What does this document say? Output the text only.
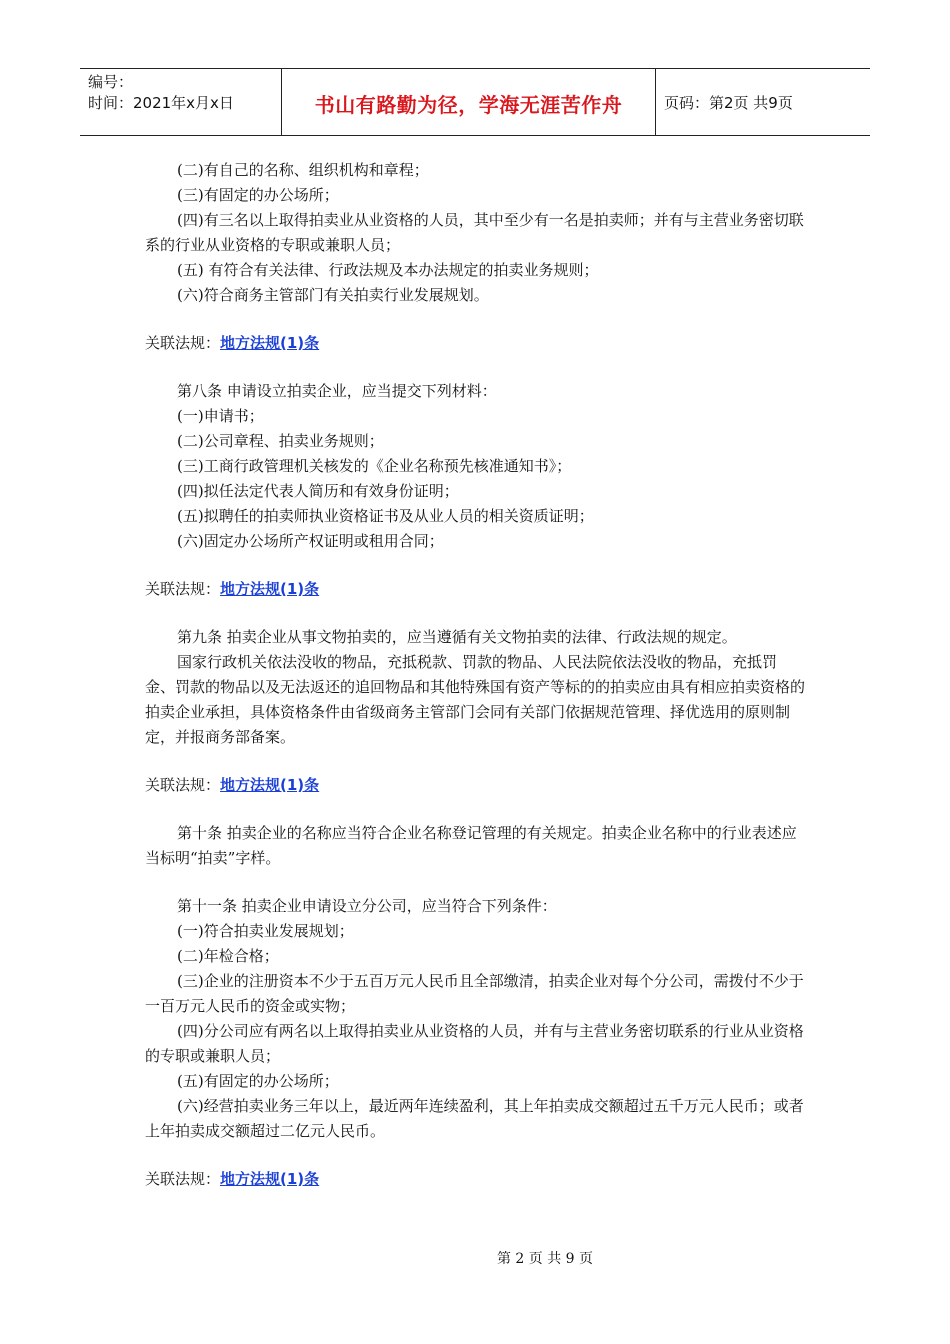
编号：
时间：2021年x月x日	书山有路勤为径，学海无涯苦作舟	页码：第2页 共9页

(二)有自己的名称、组织机构和章程；

(三)有固定的办公场所；

(四)有三名以上取得拍卖业从业资格的人员，其中至少有一名是拍卖师；并有与主营业务密切联系的行业从业资格的专职或兼职人员；

(五) 有符合有关法律、行政法规及本办法规定的拍卖业务规则；

(六)符合商务主管部门有关拍卖行业发展规划。

关联法规：地方法规(1)条

第八条 申请设立拍卖企业，应当提交下列材料：

(一)申请书；

(二)公司章程、拍卖业务规则；

(三)工商行政管理机关核发的《企业名称预先核准通知书》；

(四)拟任法定代表人简历和有效身份证明；

(五)拟聘任的拍卖师执业资格证书及从业人员的相关资质证明；

(六)固定办公场所产权证明或租用合同；

关联法规：地方法规(1)条

第九条 拍卖企业从事文物拍卖的，应当遵循有关文物拍卖的法律、行政法规的规定。

国家行政机关依法没收的物品，充抵税款、罚款的物品、人民法院依法没收的物品，充抵罚金、罚款的物品以及无法返还的追回物品和其他特殊国有资产等标的的拍卖应由具有相应拍卖资格的拍卖企业承担，具体资格条件由省级商务主管部门会同有关部门依据规范管理、择优选用的原则制定，并报商务部备案。

关联法规：地方法规(1)条

第十条 拍卖企业的名称应当符合企业名称登记管理的有关规定。拍卖企业名称中的行业表述应当标明“拍卖”字样。

第十一条 拍卖企业申请设立分公司，应当符合下列条件：

(一)符合拍卖业发展规划；

(二)年检合格；

(三)企业的注册资本不少于五百万元人民币且全部缴清，拍卖企业对每个分公司，需拨付不少于一百万元人民币的资金或实物；

(四)分公司应有两名以上取得拍卖业从业资格的人员，并有与主营业务密切联系的行业从业资格的专职或兼职人员；

(五)有固定的办公场所；

(六)经营拍卖业务三年以上，最近两年连续盈利，其上年拍卖成交额超过五千万元人民币；或者上年拍卖成交额超过二亿元人民币。

关联法规：地方法规(1)条

第 2 页 共 9 页
